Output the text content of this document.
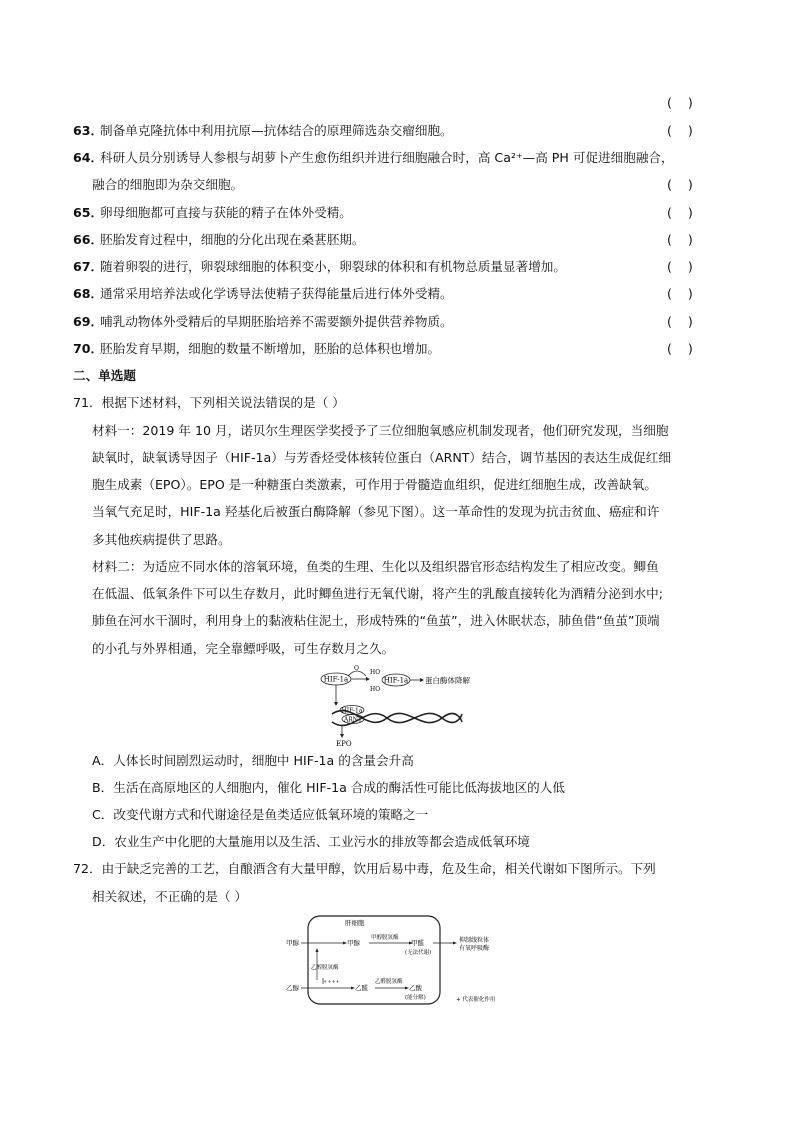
(    )
63．
制备单克隆抗体中利用抗原—抗体结合的原理筛选杂交瘤细胞。	(    )
64．
科研人员分别诱导人参根与胡萝卜产生愈伤组织并进行细胞融合时，高 Ca²⁺—高 PH 可促进细胞融合，
融合的细胞即为杂交细胞。	(    )
65．
卵母细胞都可直接与获能的精子在体外受精。	(    )
66．
胚胎发育过程中，细胞的分化出现在桑葚胚期。	(    )
67．
随着卵裂的进行，卵裂球细胞的体积变小，卵裂球的体积和有机物总质量显著增加。	(    )
68．
通常采用培养法或化学诱导法使精子获得能量后进行体外受精。	(    )
69．
哺乳动物体外受精后的早期胚胎培养不需要额外提供营养物质。	(    )
70．
胚胎发育早期，细胞的数量不断增加，胚胎的总体积也增加。	(    )
二、单选题
71．根据下述材料，下列相关说法错误的是（ ）
材料一：2019 年 10 月，诺贝尔生理医学奖授予了三位细胞氧感应机制发现者，他们研究发现，当细胞
缺氧时，缺氧诱导因子（HIF-1a）与芳香烃受体核转位蛋白（ARNT）结合，调节基因的表达生成促红细
胞生成素（EPO）。EPO 是一种糖蛋白类激素，可作用于骨髓造血组织，促进红细胞生成，改善缺氧。
当氧气充足时，HIF-1a 羟基化后被蛋白酶降解（参见下图）。这一革命性的发现为抗击贫血、癌症和许
多其他疾病提供了思路。
材料二：为适应不同水体的溶氧环境，鱼类的生理、生化以及组织器官形态结构发生了相应改变。鲫鱼
在低温、低氧条件下可以生存数月，此时鲫鱼进行无氧代谢，将产生的乳酸直接转化为酒精分泌到水中;
肺鱼在河水干涸时，利用身上的黏液粘住泥土，形成特殊的“鱼茧”，进入休眠状态，肺鱼借“鱼茧”顶端
的小孔与外界相通，完全靠鳔呼吸，可生存数月之久。
HIF-1a
O
HO
HO
HIF-1a 蛋白酶体降解
HIF-1a
ARNT
EPO
A．人体长时间剧烈运动时，细胞中 HIF-1a 的含量会升高
B．生活在高原地区的人细胞内，催化 HIF-1a 合成的酶活性可能比低海拔地区的人低
C．改变代谢方式和代谢途径是鱼类适应低氧环境的策略之一
D．农业生产中化肥的大量施用以及生活、工业污水的排放等都会造成低氧环境
72．由于缺乏完善的工艺，自酿酒含有大量甲醇，饮用后易中毒，危及生命，相关代谢如下图所示。下列
相关叙述，不正确的是（ ）
肝细胞
甲醇	甲醇
甲醇脱氢酶
甲醛
(无法代谢)
抑制线粒体
有氧呼吸酶
乙醇脱氢酶
++++
乙醇	乙醛
乙醛脱氢酶
乙酸
(能分解)	+ 代表催化作用
